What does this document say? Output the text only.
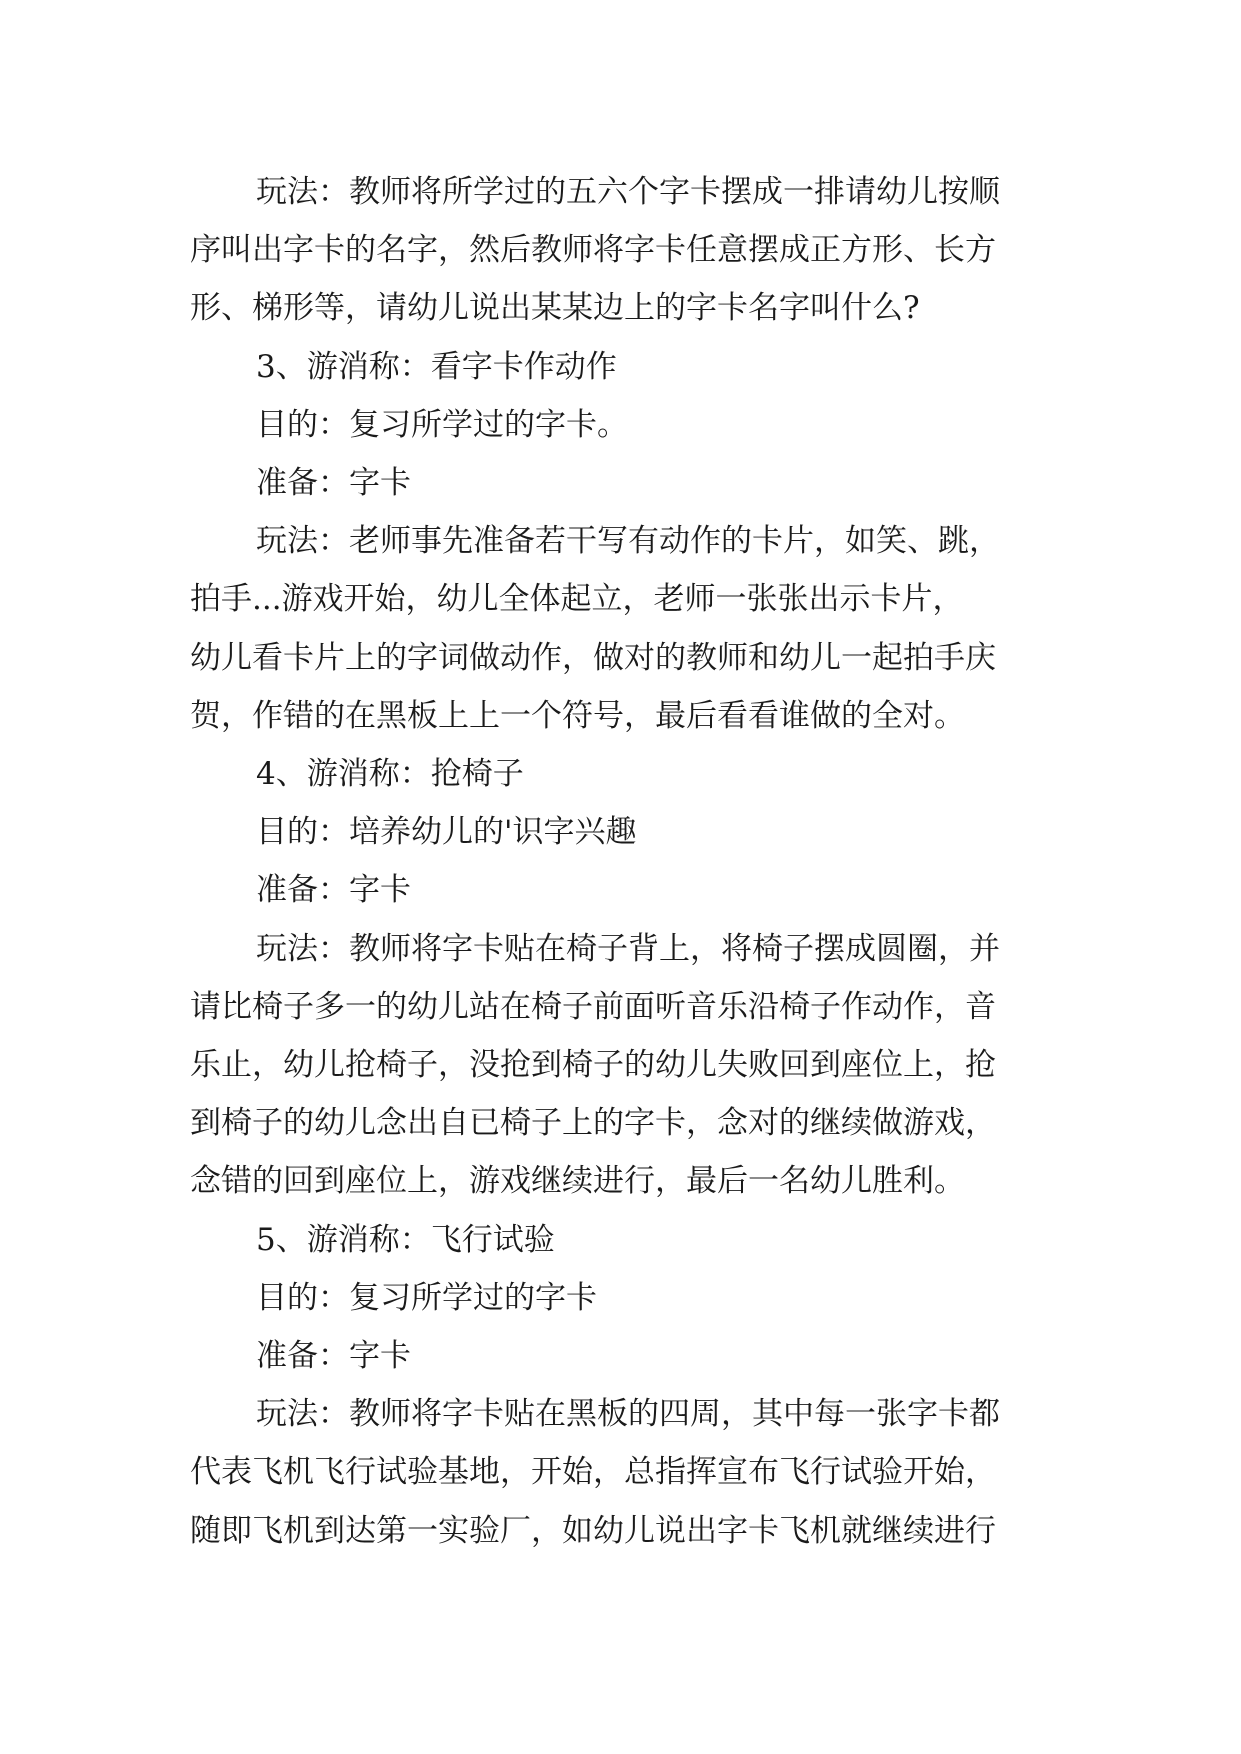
玩法：教师将所学过的五六个字卡摆成一排请幼儿按顺

序叫出字卡的名字，然后教师将字卡任意摆成正方形、长方

形、梯形等，请幼儿说出某某边上的字卡名字叫什么?

3、游消称：看字卡作动作

目的：复习所学过的字卡。

准备：字卡

玩法：老师事先准备若干写有动作的卡片，如笑、跳，

拍手...游戏开始，幼儿全体起立，老师一张张出示卡片，

幼儿看卡片上的字词做动作，做对的教师和幼儿一起拍手庆

贺，作错的在黑板上上一个符号，最后看看谁做的全对。

4、游消称：抢椅子

目的：培养幼儿的'识字兴趣

准备：字卡

玩法：教师将字卡贴在椅子背上，将椅子摆成圆圈，并

请比椅子多一的幼儿站在椅子前面听音乐沿椅子作动作，音

乐止，幼儿抢椅子，没抢到椅子的幼儿失败回到座位上，抢

到椅子的幼儿念出自已椅子上的字卡，念对的继续做游戏，

念错的回到座位上，游戏继续进行，最后一名幼儿胜利。

5、游消称：飞行试验

目的：复习所学过的字卡

准备：字卡

玩法：教师将字卡贴在黑板的四周，其中每一张字卡都

代表飞机飞行试验基地，开始，总指挥宣布飞行试验开始，

随即飞机到达第一实验厂，如幼儿说出字卡飞机就继续进行
